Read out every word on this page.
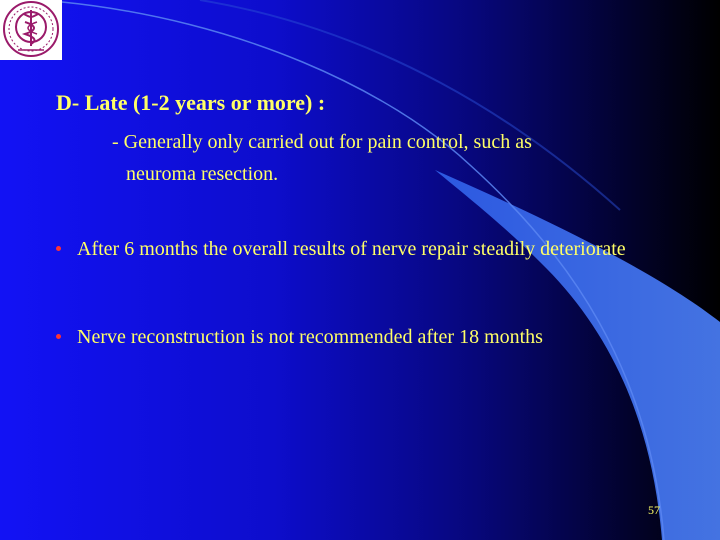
D- Late (1-2 years or more) :

- Generally only carried out for pain control, such as

neuroma resection.

After 6 months the overall results of nerve repair steadily deteriorate
Nerve reconstruction is not recommended after 18 months
57
